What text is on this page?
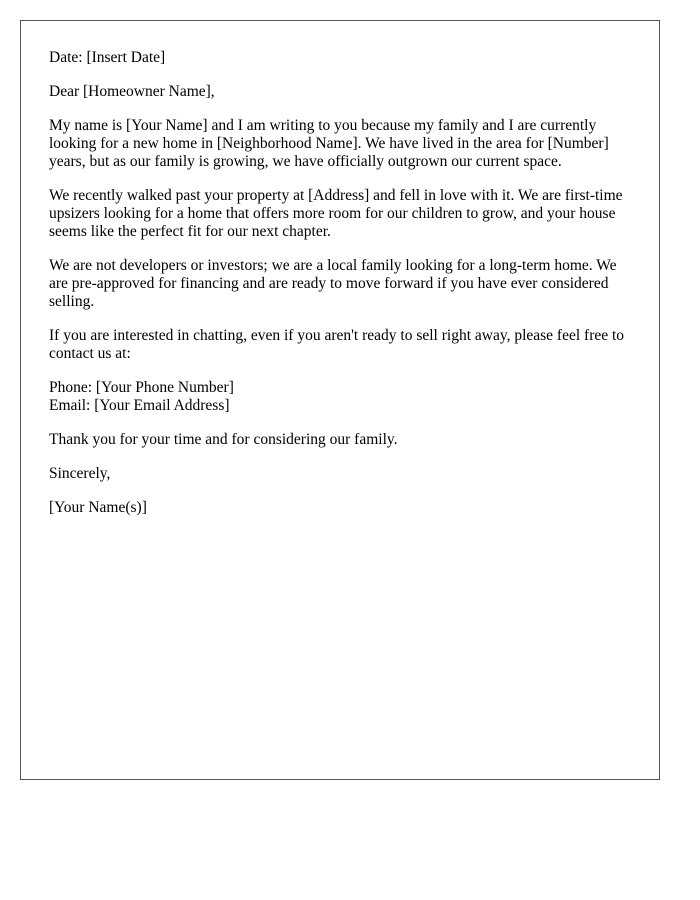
Date: [Insert Date]

Dear [Homeowner Name],

My name is [Your Name] and I am writing to you because my family and I are currently looking for a new home in [Neighborhood Name]. We have lived in the area for [Number] years, but as our family is growing, we have officially outgrown our current space.

We recently walked past your property at [Address] and fell in love with it. We are first-time upsizers looking for a home that offers more room for our children to grow, and your house seems like the perfect fit for our next chapter.

We are not developers or investors; we are a local family looking for a long-term home. We are pre-approved for financing and are ready to move forward if you have ever considered selling.

If you are interested in chatting, even if you aren't ready to sell right away, please feel free to contact us at:

Phone: [Your Phone Number]
Email: [Your Email Address]

Thank you for your time and for considering our family.

Sincerely,

[Your Name(s)]
